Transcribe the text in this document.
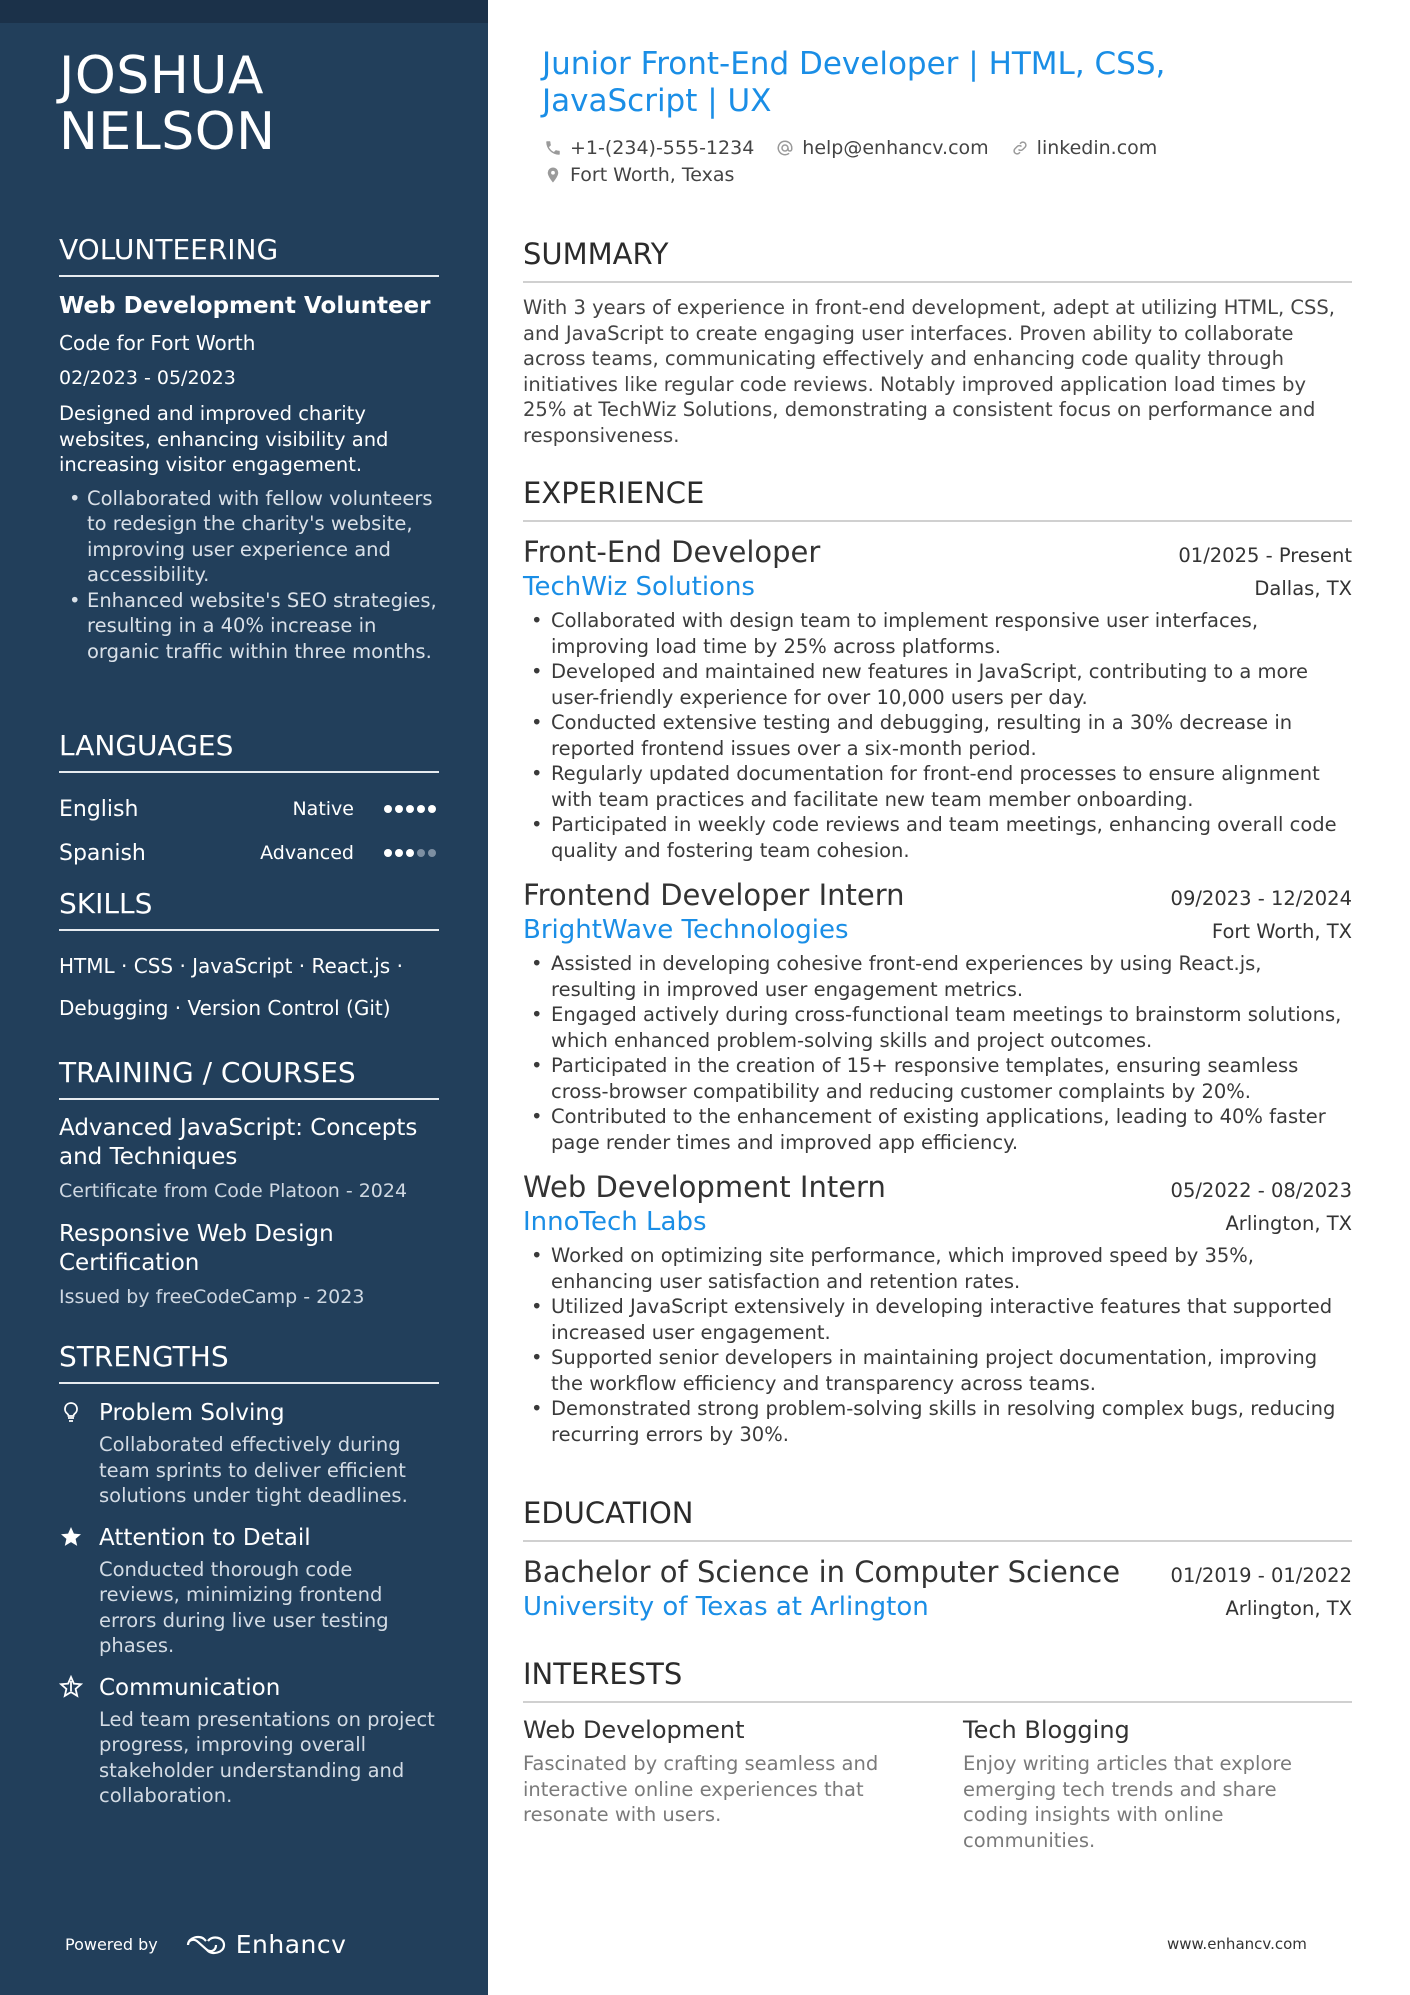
JOSHUA NELSON
VOLUNTEERING
Web Development Volunteer
Code for Fort Worth
02/2023 - 05/2023
Designed and improved charity websites, enhancing visibility and increasing visitor engagement.
• Collaborated with fellow volunteers to redesign the charity's website, improving user experience and accessibility.
• Enhanced website's SEO strategies, resulting in a 40% increase in organic traffic within three months.
LANGUAGES
English	Native
Spanish	Advanced
SKILLS
HTML · CSS · JavaScript · React.js ·
Debugging · Version Control (Git)
TRAINING / COURSES
Advanced JavaScript: Concepts and Techniques
Certificate from Code Platoon - 2024
Responsive Web Design Certification
Issued by freeCodeCamp - 2023
STRENGTHS
Problem Solving
Collaborated effectively during team sprints to deliver efficient solutions under tight deadlines.
Attention to Detail
Conducted thorough code reviews, minimizing frontend errors during live user testing phases.
Communication
Led team presentations on project progress, improving overall stakeholder understanding and collaboration.
Powered by	Enhancv
Junior Front-End Developer | HTML, CSS, JavaScript | UX
+1-(234)-555-1234	help@enhancv.com	linkedin.com
Fort Worth, Texas
SUMMARY
With 3 years of experience in front-end development, adept at utilizing HTML, CSS, and JavaScript to create engaging user interfaces. Proven ability to collaborate across teams, communicating effectively and enhancing code quality through initiatives like regular code reviews. Notably improved application load times by 25% at TechWiz Solutions, demonstrating a consistent focus on performance and responsiveness.
EXPERIENCE
Front-End Developer	01/2025 - Present
TechWiz Solutions	Dallas, TX
• Collaborated with design team to implement responsive user interfaces, improving load time by 25% across platforms.
• Developed and maintained new features in JavaScript, contributing to a more user-friendly experience for over 10,000 users per day.
• Conducted extensive testing and debugging, resulting in a 30% decrease in reported frontend issues over a six-month period.
• Regularly updated documentation for front-end processes to ensure alignment with team practices and facilitate new team member onboarding.
• Participated in weekly code reviews and team meetings, enhancing overall code quality and fostering team cohesion.
Frontend Developer Intern	09/2023 - 12/2024
BrightWave Technologies	Fort Worth, TX
• Assisted in developing cohesive front-end experiences by using React.js, resulting in improved user engagement metrics.
• Engaged actively during cross-functional team meetings to brainstorm solutions, which enhanced problem-solving skills and project outcomes.
• Participated in the creation of 15+ responsive templates, ensuring seamless cross-browser compatibility and reducing customer complaints by 20%.
• Contributed to the enhancement of existing applications, leading to 40% faster page render times and improved app efficiency.
Web Development Intern	05/2022 - 08/2023
InnoTech Labs	Arlington, TX
• Worked on optimizing site performance, which improved speed by 35%, enhancing user satisfaction and retention rates.
• Utilized JavaScript extensively in developing interactive features that supported increased user engagement.
• Supported senior developers in maintaining project documentation, improving the workflow efficiency and transparency across teams.
• Demonstrated strong problem-solving skills in resolving complex bugs, reducing recurring errors by 30%.
EDUCATION
Bachelor of Science in Computer Science	01/2019 - 01/2022
University of Texas at Arlington	Arlington, TX
INTERESTS
Web Development
Fascinated by crafting seamless and interactive online experiences that resonate with users.
Tech Blogging
Enjoy writing articles that explore emerging tech trends and share coding insights with online communities.
www.enhancv.com
